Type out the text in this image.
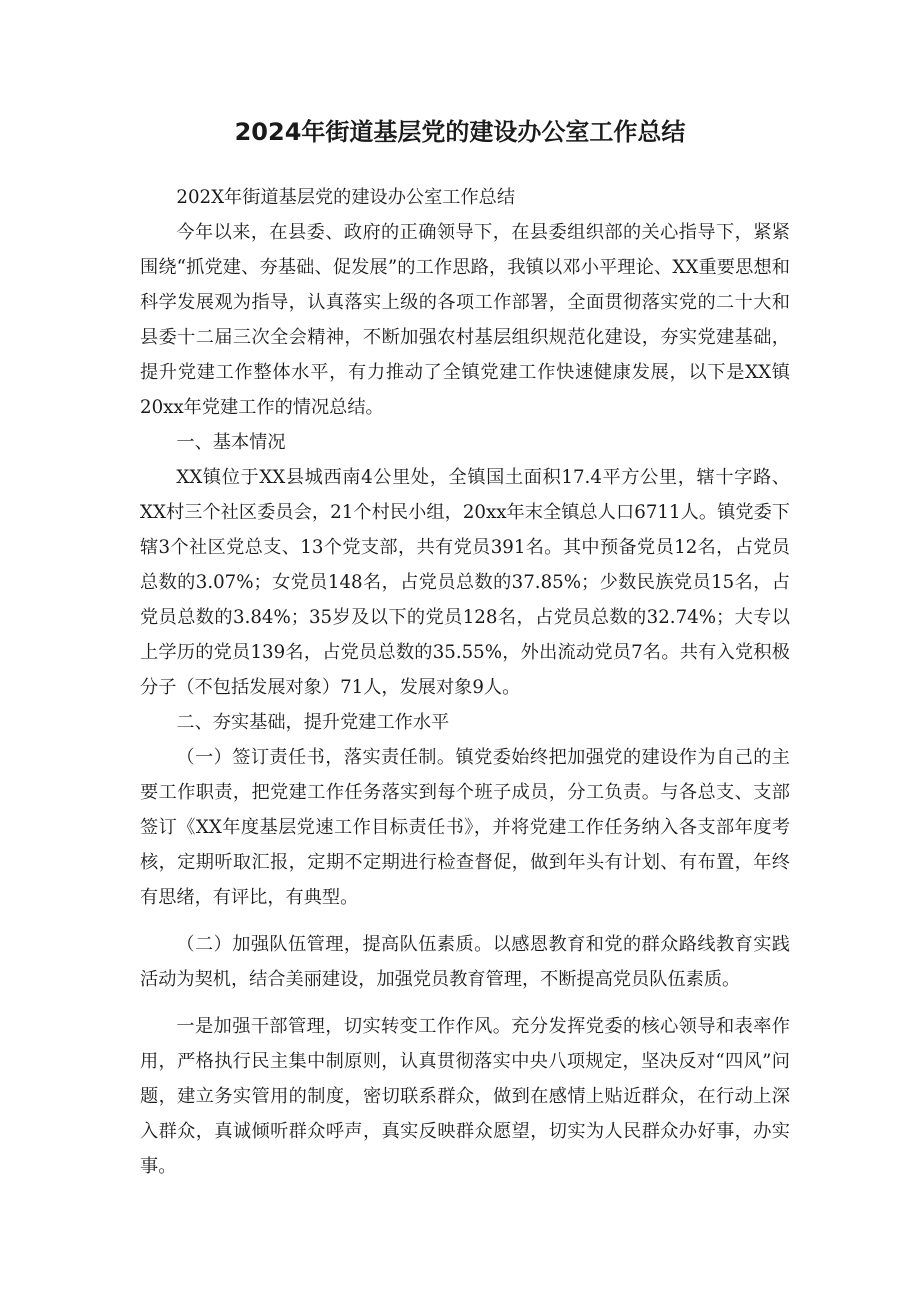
2024年街道基层党的建设办公室工作总结

202X年街道基层党的建设办公室工作总结

今年以来，在县委、政府的正确领导下，在县委组织部的关心指导下，紧紧围绕“抓党建、夯基础、促发展”的工作思路，我镇以邓小平理论、XX重要思想和科学发展观为指导，认真落实上级的各项工作部署，全面贯彻落实党的二十大和县委十二届三次全会精神，不断加强农村基层组织规范化建设，夯实党建基础，提升党建工作整体水平，有力推动了全镇党建工作快速健康发展，以下是XX镇20xx年党建工作的情况总结。

一、基本情况

XX镇位于XX县城西南4公里处，全镇国土面积17.4平方公里，辖十字路、XX村三个社区委员会，21个村民小组，20xx年末全镇总人口6711人。镇党委下辖3个社区党总支、13个党支部，共有党员391名。其中预备党员12名，占党员总数的3.07%；女党员148名，占党员总数的37.85%；少数民族党员15名，占党员总数的3.84%；35岁及以下的党员128名，占党员总数的32.74%；大专以上学历的党员139名，占党员总数的35.55%，外出流动党员7名。共有入党积极分子（不包括发展对象）71人，发展对象9人。

二、夯实基础，提升党建工作水平

（一）签订责任书，落实责任制。镇党委始终把加强党的建设作为自己的主要工作职责，把党建工作任务落实到每个班子成员，分工负责。与各总支、支部签订《XX年度基层党速工作目标责任书》，并将党建工作任务纳入各支部年度考核，定期听取汇报，定期不定期进行检查督促，做到年头有计划、有布置，年终有思绪，有评比，有典型。

（二）加强队伍管理，提高队伍素质。以感恩教育和党的群众路线教育实践活动为契机，结合美丽建设，加强党员教育管理，不断提高党员队伍素质。

一是加强干部管理，切实转变工作作风。充分发挥党委的核心领导和表率作用，严格执行民主集中制原则，认真贯彻落实中央八项规定，坚决反对“四风”问题，建立务实管用的制度，密切联系群众，做到在感情上贴近群众，在行动上深入群众，真诚倾听群众呼声，真实反映群众愿望，切实为人民群众办好事，办实事。
